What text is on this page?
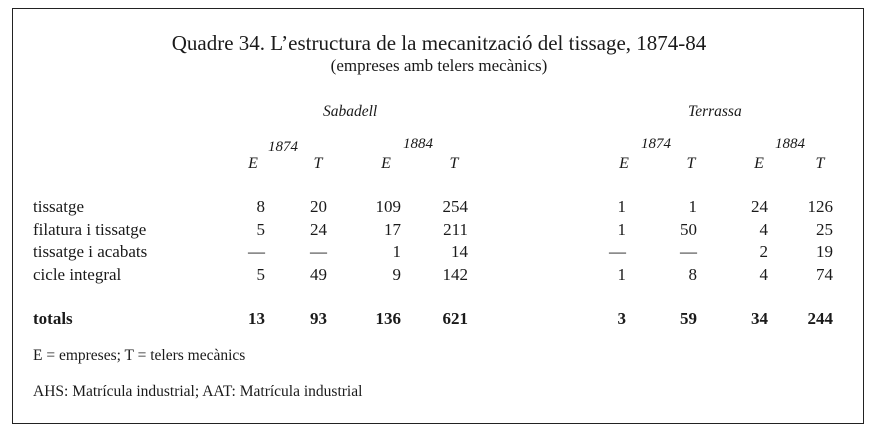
Quadre 34. L’estructura de la mecanització del tissage, 1874-84
(empreses amb telers mecànics)
Sabadell	Terrassa
1874	1884	1874	1884
E	T	E	T	E	T	E	T
tissatge	8	20	109	254	1	1	24	126
filatura i tissatge	5	24	17	211	1	50	4	25
tissatge i acabats	—	—	1	14	—	—	2	19
cicle integral	5	49	9	142	1	8	4	74
totals	13	93	136	621	3	59	34	244
E = empreses; T = telers mecànics
AHS: Matrícula industrial; AAT: Matrícula industrial
